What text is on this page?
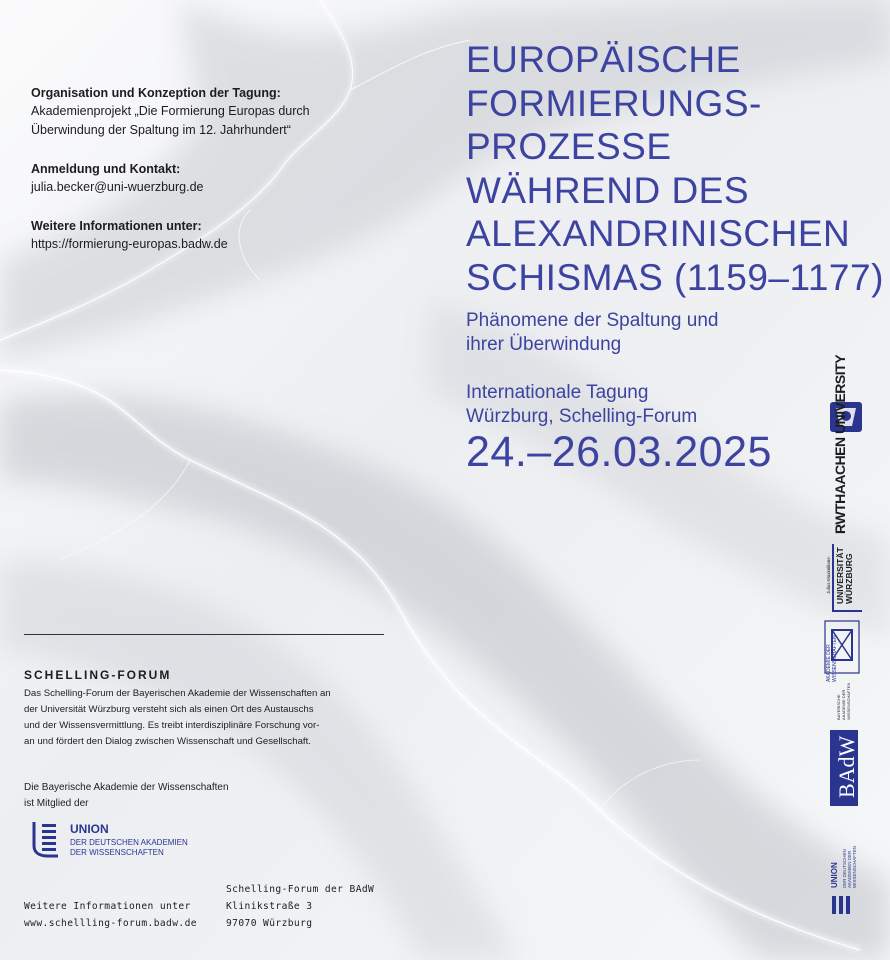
Organisation und Konzeption der Tagung:
Akademienprojekt „Die Formierung Europas durch
Überwindung der Spaltung im 12. Jahrhundert“
Anmeldung und Kontakt:
julia.becker@uni-wuerzburg.de
Weitere Informationen unter:
https://formierung-europas.badw.de
EUROPÄISCHE
FORMIERUNGS-
PROZESSE
WÄHREND DES
ALEXANDRINISCHEN
SCHISMAS (1159–1177)
Phänomene der Spaltung und
ihrer Überwindung
Internationale Tagung
Würzburg, Schelling-Forum
24.–26.03.2025	RWTHAACHEN UNIVERSITY
Julius-Maximilians- UNIVERSITÄT WÜRZBURG
AKADEMIE DER WISSENSCHAFTEN
BAYERISCHE AKADEMIE DER WISSENSCHAFTEN
BAdW
UNION DER DEUTSCHEN AKADEMIEN DER WISSENSCHAFTEN
SCHELLING-FORUM
Das Schelling-Forum der Bayerischen Akademie der Wissenschaften an
der Universität Würzburg versteht sich als einen Ort des Austauschs
und der Wissensvermittlung. Es treibt interdisziplinäre Forschung vor-
an und fördert den Dialog zwischen Wissenschaft und Gesellschaft.
Die Bayerische Akademie der Wissenschaften
ist Mitglied der
UNION
DER DEUTSCHEN AKADEMIEN
DER WISSENSCHAFTEN
Weitere Informationen unter
www.schellling-forum.badw.de
Schelling-Forum der BAdW
Klinikstraße 3
97070 Würzburg
